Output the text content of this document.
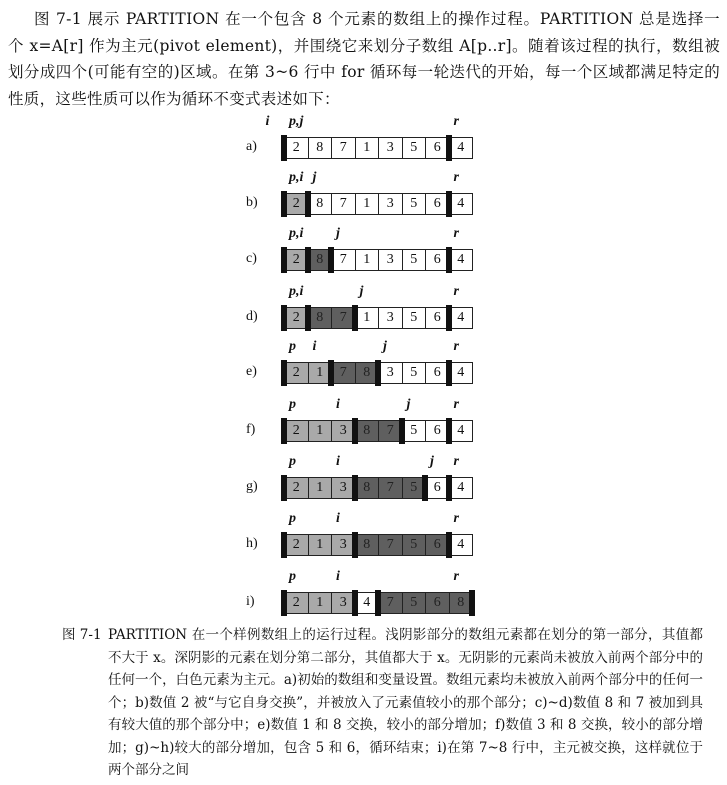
图 7-1 展示 PARTITION 在一个包含 8 个元素的数组上的操作过程。PARTITION 总是选择一个 x=A[r] 作为主元(pivot element)，并围绕它来划分子数组 A[p..r]。随着该过程的执行，数组被划分成四个(可能有空的)区域。在第 3~6 行中 for 循环每一轮迭代的开始，每一个区域都满足特定的性质，这些性质可以作为循环不变式表述如下：
a)	2	8	7	1	3	5	6	4
i p,j	r
b)	2	8	7	1	3	5	6	4
p,i j	r
c)	2	8	7	1	3	5	6	4
p,i j	r
d)	2	8	7	1	3	5	6	4
p,i	j	r
e)	2	1	7	8	3	5	6	4
p i	j	r
f)	2	1	3	8	7	5	6	4
p	i	j	r
g)	2	1	3	8	7	5	6	4
p	i	j r
h)	2	1	3	8	7	5	6	4
p	i	r
i)	2	1	3	4	7	5	6	8
p	i	r
图 7-1 PARTITION 在一个样例数组上的运行过程。浅阴影部分的数组元素都在划分的第一部分，其值都不大于 x。深阴影的元素在划分第二部分，其值都大于 x。无阴影的元素尚未被放入前两个部分中的任何一个，白色元素为主元。a)初始的数组和变量设置。数组元素均未被放入前两个部分中的任何一个；b)数值 2 被“与它自身交换”，并被放入了元素值较小的那个部分；c)~d)数值 8 和 7 被加到具有较大值的那个部分中；e)数值 1 和 8 交换，较小的部分增加；f)数值 3 和 8 交换，较小的部分增加；g)~h)较大的部分增加，包含 5 和 6，循环结束；i)在第 7~8 行中，主元被交换，这样就位于两个部分之间
